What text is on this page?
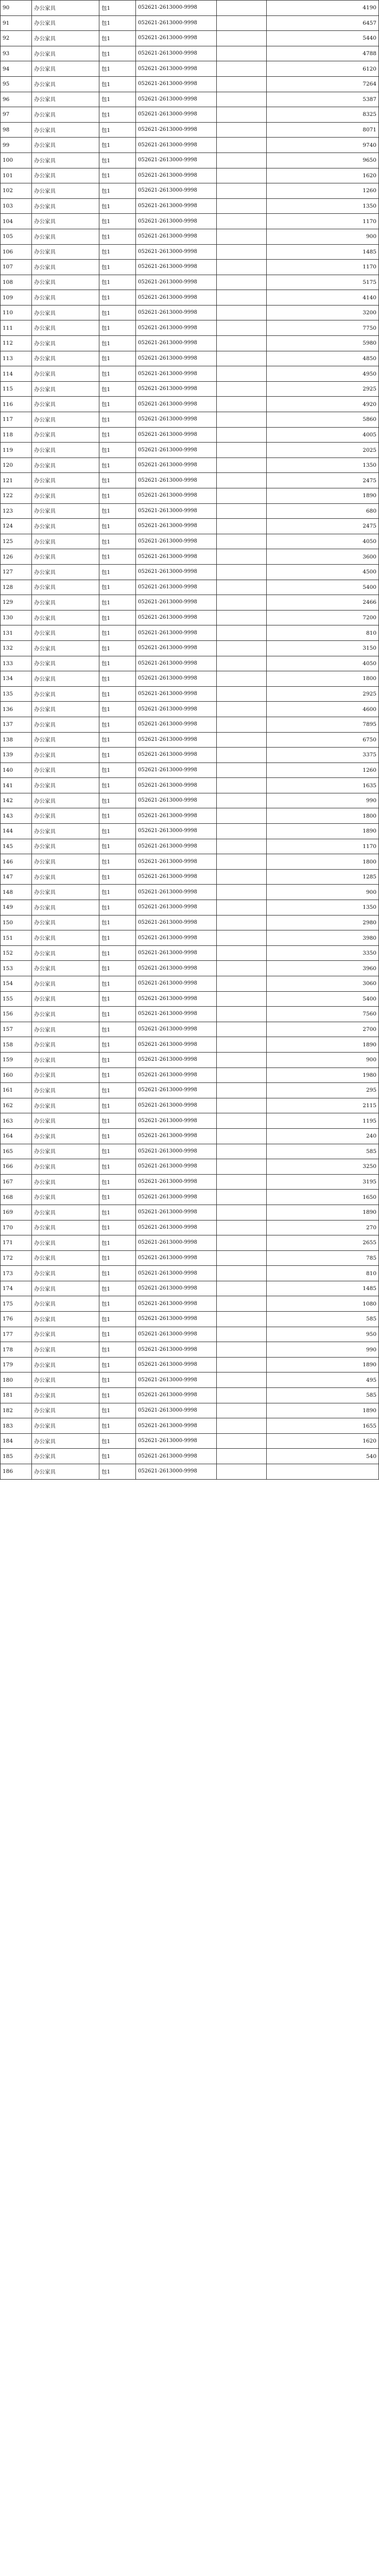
90	办公家具	包1	052621-2613000-9998		4190
91	办公家具	包1	052621-2613000-9998		6457
92	办公家具	包1	052621-2613000-9998		5440
93	办公家具	包1	052621-2613000-9998		4788
94	办公家具	包1	052621-2613000-9998		6120
95	办公家具	包1	052621-2613000-9998		7264
96	办公家具	包1	052621-2613000-9998		5387
97	办公家具	包1	052621-2613000-9998		8325
98	办公家具	包1	052621-2613000-9998		8071
99	办公家具	包1	052621-2613000-9998		9740
100	办公家具	包1	052621-2613000-9998		9650
101	办公家具	包1	052621-2613000-9998		1620
102	办公家具	包1	052621-2613000-9998		1260
103	办公家具	包1	052621-2613000-9998		1350
104	办公家具	包1	052621-2613000-9998		1170
105	办公家具	包1	052621-2613000-9998		900
106	办公家具	包1	052621-2613000-9998		1485
107	办公家具	包1	052621-2613000-9998		1170
108	办公家具	包1	052621-2613000-9998		5175
109	办公家具	包1	052621-2613000-9998		4140
110	办公家具	包1	052621-2613000-9998		3200
111	办公家具	包1	052621-2613000-9998		7750
112	办公家具	包1	052621-2613000-9998		5980
113	办公家具	包1	052621-2613000-9998		4850
114	办公家具	包1	052621-2613000-9998		4950
115	办公家具	包1	052621-2613000-9998		2925
116	办公家具	包1	052621-2613000-9998		4920
117	办公家具	包1	052621-2613000-9998		5860
118	办公家具	包1	052621-2613000-9998		4005
119	办公家具	包1	052621-2613000-9998		2025
120	办公家具	包1	052621-2613000-9998		1350
121	办公家具	包1	052621-2613000-9998		2475
122	办公家具	包1	052621-2613000-9998		1890
123	办公家具	包1	052621-2613000-9998		680
124	办公家具	包1	052621-2613000-9998		2475
125	办公家具	包1	052621-2613000-9998		4050
126	办公家具	包1	052621-2613000-9998		3600
127	办公家具	包1	052621-2613000-9998		4500
128	办公家具	包1	052621-2613000-9998		5400
129	办公家具	包1	052621-2613000-9998		2466
130	办公家具	包1	052621-2613000-9998		7200
131	办公家具	包1	052621-2613000-9998		810
132	办公家具	包1	052621-2613000-9998		3150
133	办公家具	包1	052621-2613000-9998		4050
134	办公家具	包1	052621-2613000-9998		1800
135	办公家具	包1	052621-2613000-9998		2925
136	办公家具	包1	052621-2613000-9998		4600
137	办公家具	包1	052621-2613000-9998		7895
138	办公家具	包1	052621-2613000-9998		6750
139	办公家具	包1	052621-2613000-9998		3375
140	办公家具	包1	052621-2613000-9998		1260
141	办公家具	包1	052621-2613000-9998		1635
142	办公家具	包1	052621-2613000-9998		990
143	办公家具	包1	052621-2613000-9998		1800
144	办公家具	包1	052621-2613000-9998		1890
145	办公家具	包1	052621-2613000-9998		1170
146	办公家具	包1	052621-2613000-9998		1800
147	办公家具	包1	052621-2613000-9998		1285
148	办公家具	包1	052621-2613000-9998		900
149	办公家具	包1	052621-2613000-9998		1350
150	办公家具	包1	052621-2613000-9998		2980
151	办公家具	包1	052621-2613000-9998		3980
152	办公家具	包1	052621-2613000-9998		3350
153	办公家具	包1	052621-2613000-9998		3960
154	办公家具	包1	052621-2613000-9998		3060
155	办公家具	包1	052621-2613000-9998		5400
156	办公家具	包1	052621-2613000-9998		7560
157	办公家具	包1	052621-2613000-9998		2700
158	办公家具	包1	052621-2613000-9998		1890
159	办公家具	包1	052621-2613000-9998		900
160	办公家具	包1	052621-2613000-9998		1980
161	办公家具	包1	052621-2613000-9998		295
162	办公家具	包1	052621-2613000-9998		2115
163	办公家具	包1	052621-2613000-9998		1195
164	办公家具	包1	052621-2613000-9998		240
165	办公家具	包1	052621-2613000-9998		585
166	办公家具	包1	052621-2613000-9998		3250
167	办公家具	包1	052621-2613000-9998		3195
168	办公家具	包1	052621-2613000-9998		1650
169	办公家具	包1	052621-2613000-9998		1890
170	办公家具	包1	052621-2613000-9998		270
171	办公家具	包1	052621-2613000-9998		2655
172	办公家具	包1	052621-2613000-9998		785
173	办公家具	包1	052621-2613000-9998		810
174	办公家具	包1	052621-2613000-9998		1485
175	办公家具	包1	052621-2613000-9998		1080
176	办公家具	包1	052621-2613000-9998		585
177	办公家具	包1	052621-2613000-9998		950
178	办公家具	包1	052621-2613000-9998		990
179	办公家具	包1	052621-2613000-9998		1890
180	办公家具	包1	052621-2613000-9998		495
181	办公家具	包1	052621-2613000-9998		585
182	办公家具	包1	052621-2613000-9998		1890
183	办公家具	包1	052621-2613000-9998		1655
184	办公家具	包1	052621-2613000-9998		1620
185	办公家具	包1	052621-2613000-9998		540
186	办公家具	包1	052621-2613000-9998		
